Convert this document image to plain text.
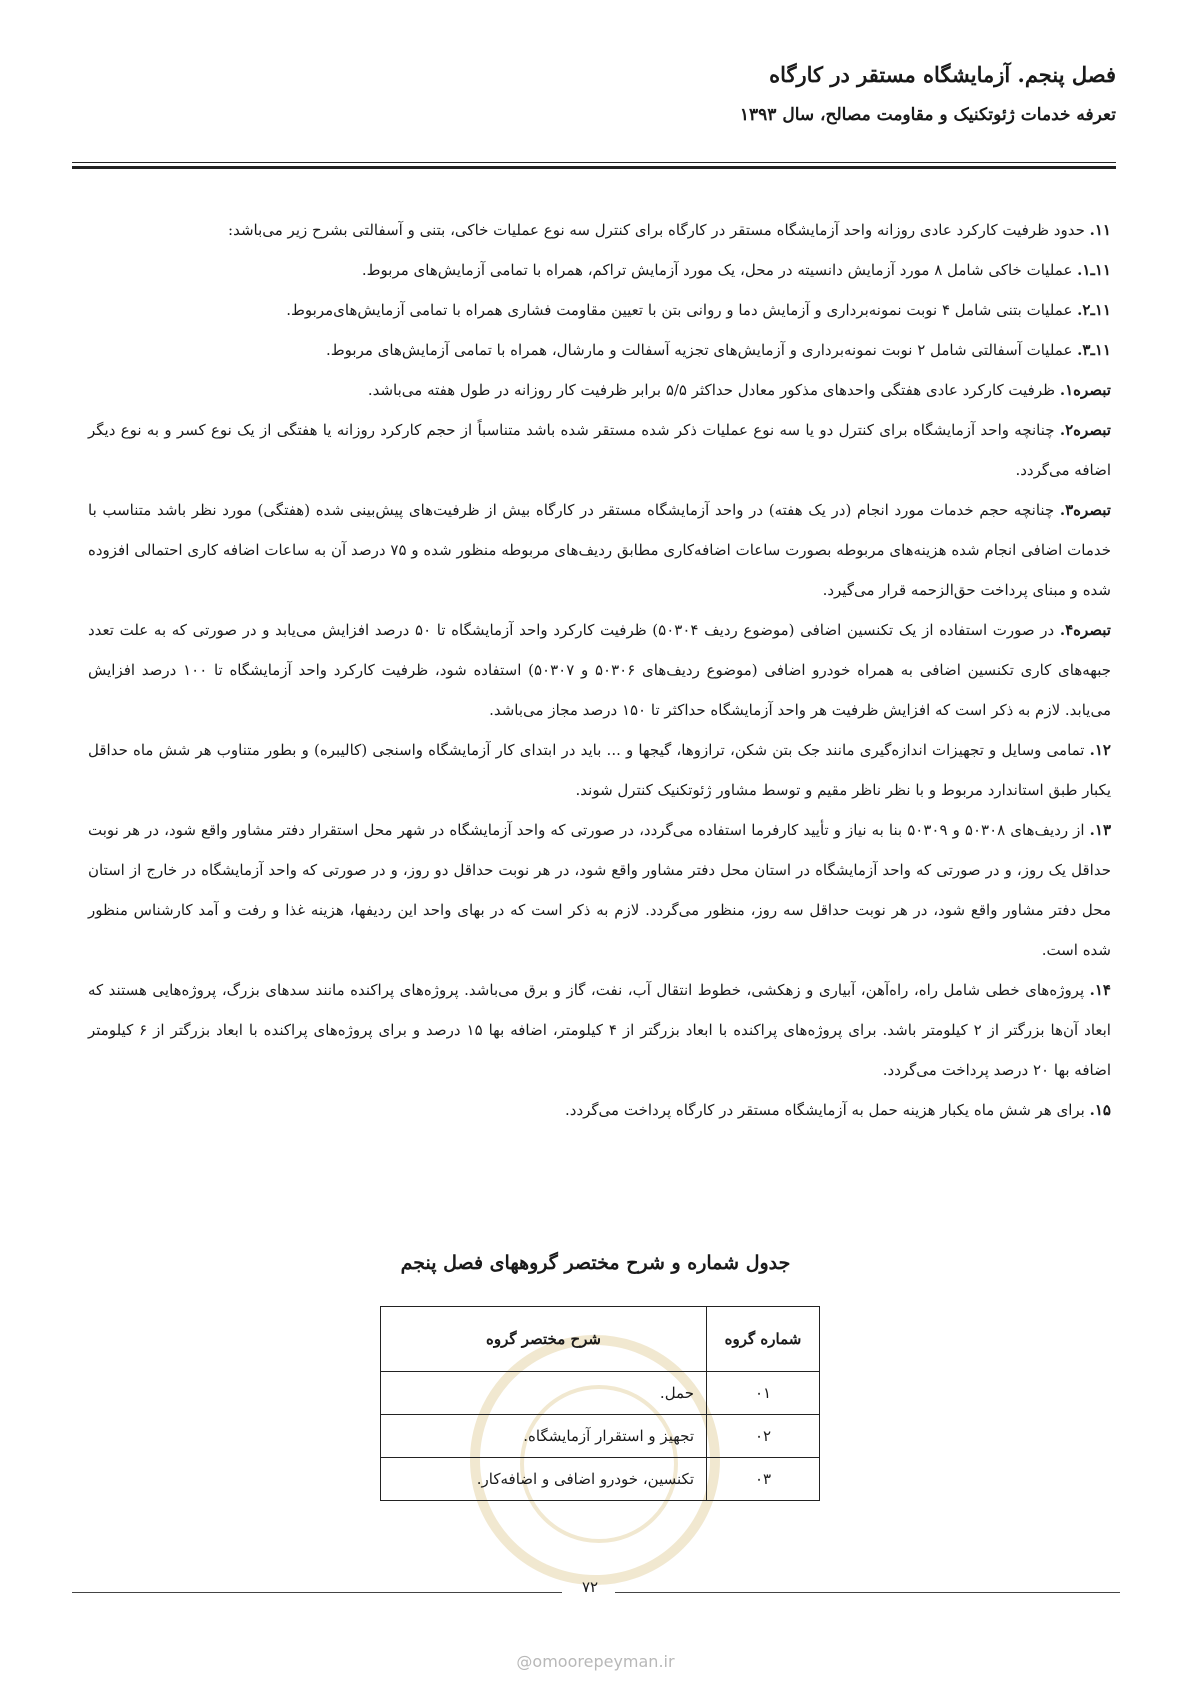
فصل پنجم. آزمایشگاه مستقر در کارگاه
تعرفه خدمات ژئوتکنیک و مقاومت مصالح، سال ۱۳۹۳

۱۱. حدود ظرفیت کارکرد عادی روزانه واحد آزمایشگاه مستقر در کارگاه برای کنترل سه نوع عملیات خاکی، بتنی و آسفالتی بشرح زیر می‌باشد:

۱۱ـ۱. عملیات خاکی شامل ۸ مورد آزمایش دانسیته در محل، یک مورد آزمایش تراکم، همراه با تمامی آزمایش‌های مربوط.

۱۱ـ۲. عملیات بتنی شامل ۴ نوبت نمونه‌برداری و آزمایش دما و روانی بتن با تعیین مقاومت فشاری همراه با تمامی آزمایش‌های‌مربوط.

۱۱ـ۳. عملیات آسفالتی شامل ۲ نوبت نمونه‌برداری و آزمایش‌های تجزیه آسفالت و مارشال، همراه با تمامی آزمایش‌های مربوط.

تبصره۱. ظرفیت کارکرد عادی هفتگی واحدهای مذکور معادل حداکثر ۵/۵ برابر ظرفیت کار روزانه در طول هفته می‌باشد.

تبصره۲. چنانچه واحد آزمایشگاه برای کنترل دو یا سه نوع عملیات ذکر شده مستقر شده باشد متناسباً از حجم کارکرد روزانه یا هفتگی از یک نوع کسر و به نوع دیگر اضافه می‌گردد.

تبصره۳. چنانچه حجم خدمات مورد انجام (در یک هفته) در واحد آزمایشگاه مستقر در کارگاه بیش از ظرفیت‌های پیش‌بینی شده (هفتگی) مورد نظر باشد متناسب با خدمات اضافی انجام شده هزینه‌های مربوطه بصورت ساعات اضافه‌کاری مطابق ردیف‌های مربوطه منظور شده و ۷۵ درصد آن به ساعات اضافه کاری احتمالی افزوده شده و مبنای پرداخت حق‌الزحمه قرار می‌گیرد.

تبصره۴. در صورت استفاده از یک تکنسین اضافی (موضوع ردیف ۵۰۳۰۴) ظرفیت کارکرد واحد آزمایشگاه تا ۵۰ درصد افزایش می‌یابد و در صورتی که به علت تعدد جبهه‌های کاری تکنسین اضافی به همراه خودرو اضافی (موضوع ردیف‌های ۵۰۳۰۶ و ۵۰۳۰۷) استفاده شود، ظرفیت کارکرد واحد آزمایشگاه تا ۱۰۰ درصد افزایش می‌یابد. لازم به ذکر است که افزایش ظرفیت هر واحد آزمایشگاه حداکثر تا ۱۵۰ درصد مجاز می‌باشد.

۱۲. تمامی وسایل و تجهیزات اندازه‌گیری مانند جک بتن شکن، ترازوها، گیجها و ... باید در ابتدای کار آزمایشگاه واسنجی (کالیبره) و بطور متناوب هر شش ماه حداقل یکبار طبق استاندارد مربوط و با نظر ناظر مقیم و توسط مشاور ژئوتکنیک کنترل شوند.

۱۳. از ردیف‌های ۵۰۳۰۸ و ۵۰۳۰۹ بنا به نیاز و تأیید کارفرما استفاده می‌گردد، در صورتی که واحد آزمایشگاه در شهر محل استقرار دفتر مشاور واقع شود، در هر نوبت حداقل یک روز، و در صورتی که واحد آزمایشگاه در استان محل دفتر مشاور واقع شود، در هر نوبت حداقل دو روز، و در صورتی که واحد آزمایشگاه در خارج از استان محل دفتر مشاور واقع شود، در هر نوبت حداقل سه روز، منظور می‌گردد. لازم به ذکر است که در بهای واحد این ردیفها، هزینه غذا و رفت و آمد کارشناس منظور شده است.

۱۴. پروژه‌های خطی شامل راه، راه‌آهن، آبیاری و زهکشی، خطوط انتقال آب، نفت، گاز و برق می‌باشد. پروژه‌های پراکنده مانند سدهای بزرگ، پروژه‌هایی هستند که ابعاد آن‌ها بزرگتر از ۲ کیلومتر باشد. برای پروژه‌های پراکنده با ابعاد بزرگتر از ۴ کیلومتر، اضافه بها ۱۵ درصد و برای پروژه‌های پراکنده با ابعاد بزرگتر از ۶ کیلومتر اضافه بها ۲۰ درصد پرداخت می‌گردد.

۱۵. برای هر شش ماه یکبار هزینه حمل به آزمایشگاه مستقر در کارگاه پرداخت می‌گردد.

جدول شماره و شرح مختصر گروههای فصل پنجم
شماره گروه	شرح مختصر گروه
۰۱	حمل.
۰۲	تجهیز و استقرار آزمایشگاه.
۰۳	تکنسین، خودرو اضافی و اضافه‌کار.
۷۲
@omoorepeyman.ir
